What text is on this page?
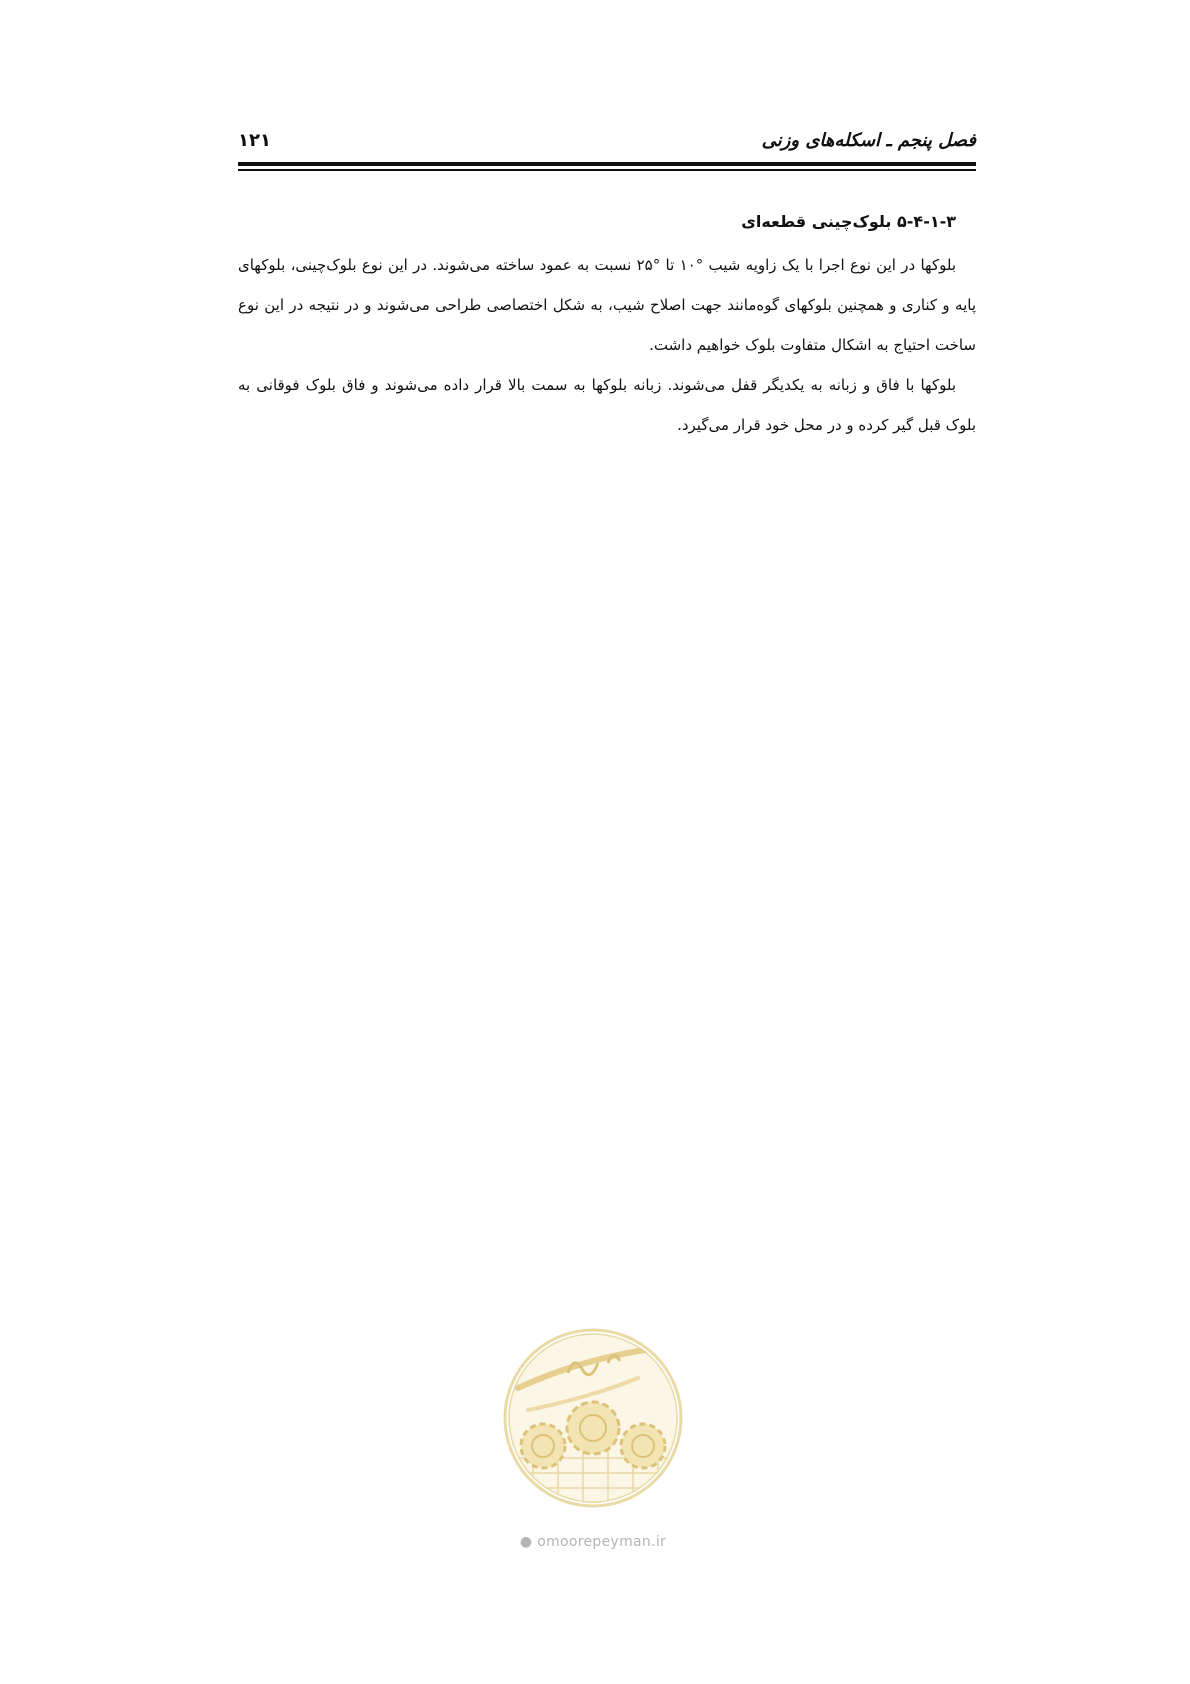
فصل پنجم ـ اسکله‌های وزنی
۱۲۱
۵-۴-۱-۳ بلوک‌چینی قطعه‌ای

بلوکها در این نوع اجرا با یک زاویه شیب °۱۰ تا °۲۵ نسبت به عمود ساخته می‌شوند. در این نوع بلوک‌چینی، بلوکهای پایه و کناری و همچنین بلوکهای گوه‌مانند جهت اصلاح شیب، به شکل اختصاصی طراحی می‌شوند و در نتیجه در این نوع ساخت احتیاج به اشکال متفاوت بلوک خواهیم داشت.

بلوکها با فاق و زبانه به یکدیگر قفل می‌شوند. زبانه بلوکها به سمت بالا قرار داده می‌شوند و فاق بلوک فوقانی به بلوک قبل گیر کرده و در محل خود قرار می‌گیرد.

● omoorepeyman.ir
